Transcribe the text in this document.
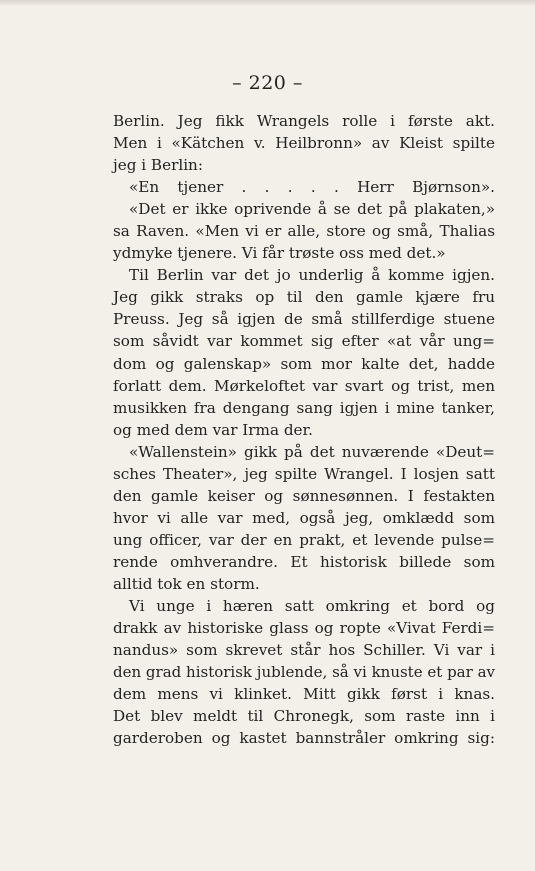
– 220 –
Berlin. Jeg fikk Wrangels rolle i første akt.
Men i «Kätchen v. Heilbronn» av Kleist spilte
jeg i Berlin:
«En tjener . . . . . Herr Bjørnson».
«Det er ikke oprivende å se det på plakaten,»
sa Raven. «Men vi er alle, store og små, Thalias
ydmyke tjenere. Vi får trøste oss med det.»
Til Berlin var det jo underlig å komme igjen.
Jeg gikk straks op til den gamle kjære fru
Preuss. Jeg så igjen de små stillferdige stuene
som såvidt var kommet sig efter «at vår ung=
dom og galenskap» som mor kalte det, hadde
forlatt dem. Mørkeloftet var svart og trist, men
musikken fra dengang sang igjen i mine tanker,
og med dem var Irma der.
«Wallenstein» gikk på det nuværende «Deut=
sches Theater», jeg spilte Wrangel. I losjen satt
den gamle keiser og sønnesønnen. I festakten
hvor vi alle var med, også jeg, omklædd som
ung officer, var der en prakt, et levende pulse=
rende omhverandre. Et historisk billede som
alltid tok en storm.
Vi unge i hæren satt omkring et bord og
drakk av historiske glass og ropte «Vivat Ferdi=
nandus» som skrevet står hos Schiller. Vi var i
den grad historisk jublende, så vi knuste et par av
dem mens vi klinket. Mitt gikk først i knas.
Det blev meldt til Chronegk, som raste inn i
garderoben og kastet bannstråler omkring sig:
